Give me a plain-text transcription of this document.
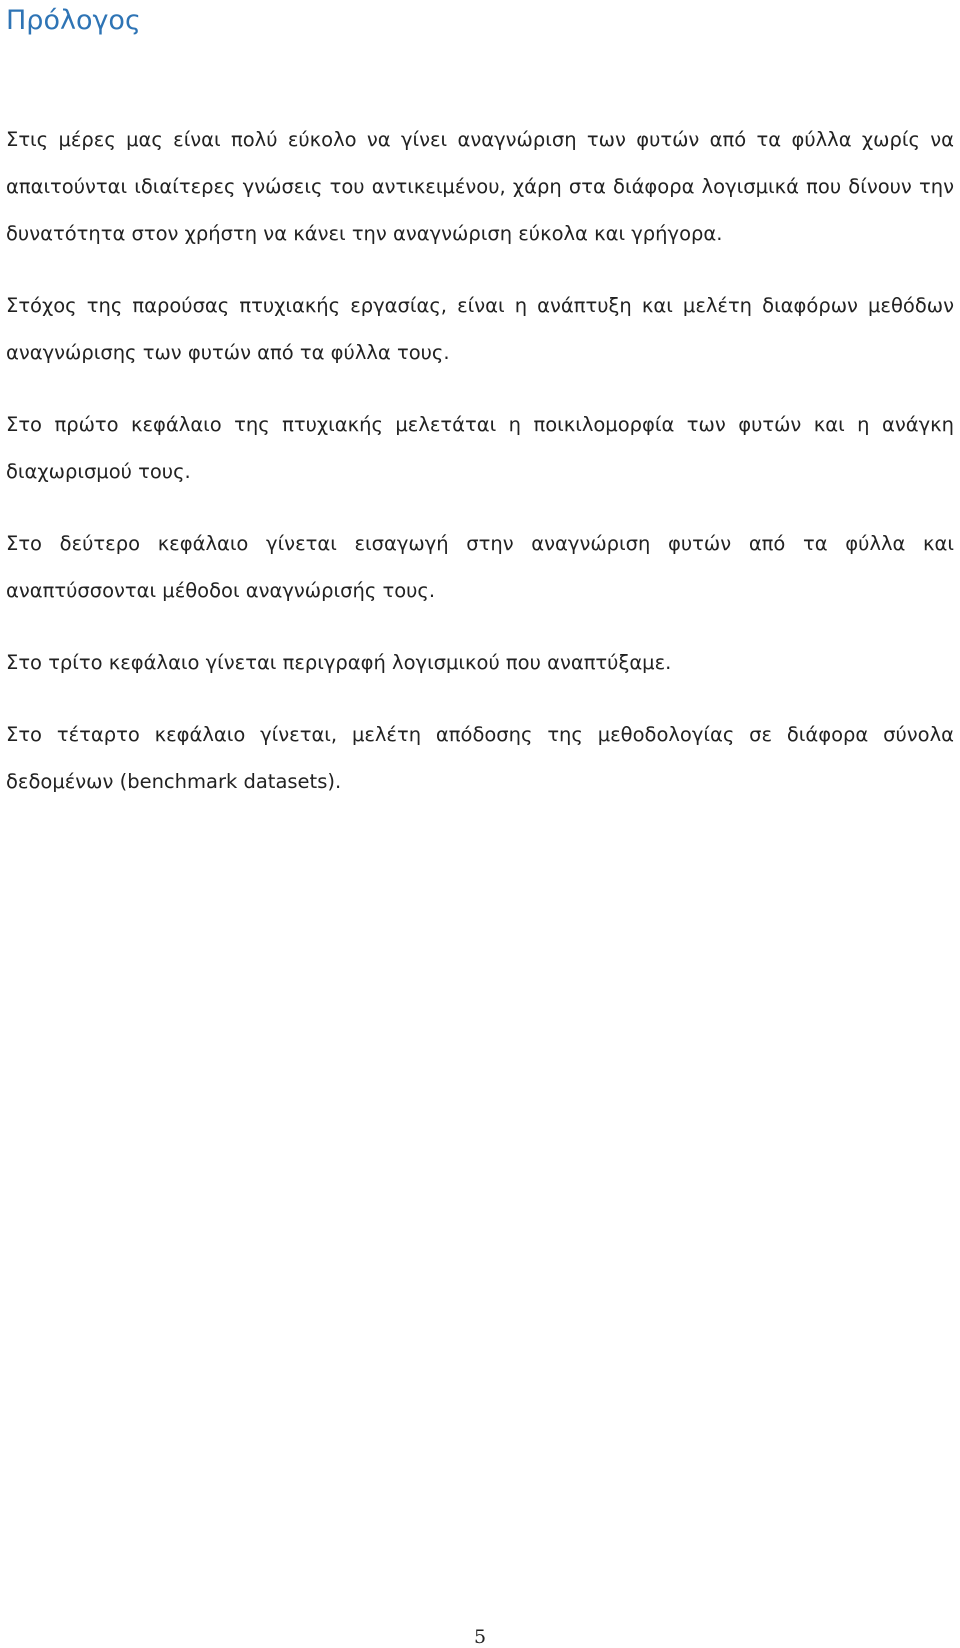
Πρόλογος

Στις μέρες μας είναι πολύ εύκολο να γίνει αναγνώριση των φυτών από τα φύλλα χωρίς να απαιτούνται ιδιαίτερες γνώσεις του αντικειμένου, χάρη στα διάφορα λογισμικά που δίνουν την δυνατότητα στον χρήστη να κάνει την αναγνώριση εύκολα και γρήγορα.

Στόχος της παρούσας πτυχιακής εργασίας, είναι η ανάπτυξη και μελέτη διαφόρων μεθόδων αναγνώρισης των φυτών από τα φύλλα τους.

Στο πρώτο κεφάλαιο της πτυχιακής μελετάται η ποικιλομορφία των φυτών και η ανάγκη διαχωρισμού τους.

Στο δεύτερο κεφάλαιο γίνεται εισαγωγή στην αναγνώριση φυτών από τα φύλλα και αναπτύσσονται μέθοδοι αναγνώρισής τους.

Στο τρίτο κεφάλαιο γίνεται περιγραφή λογισμικού που αναπτύξαμε.

Στο τέταρτο κεφάλαιο γίνεται, μελέτη απόδοσης της μεθοδολογίας σε διάφορα σύνολα δεδομένων (benchmark datasets).

5
